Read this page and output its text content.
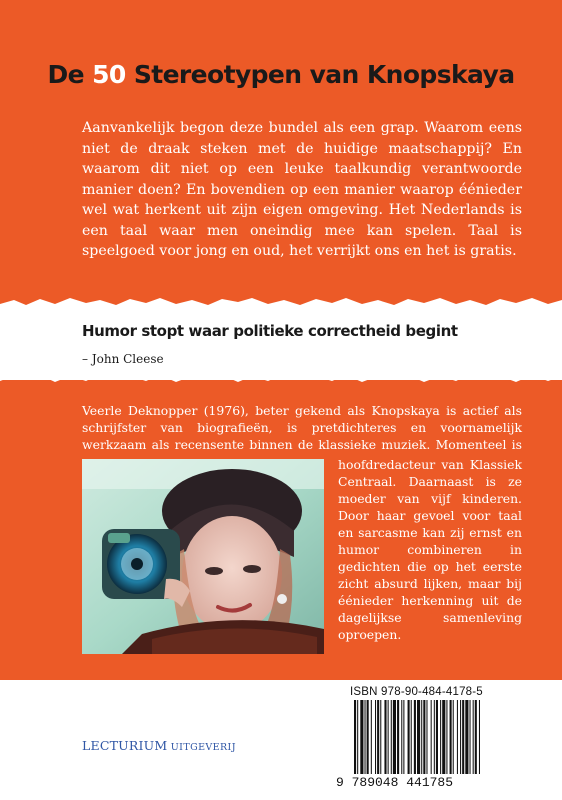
De 50 Stereotypen van Knopskaya

Aanvankelijk begon deze bundel als een grap. Waarom eens niet de draak steken met de huidige maatschappij? En waarom dit niet op een leuke taalkundig verantwoorde manier doen? En bovendien op een manier waarop éénieder wel wat herkent uit zijn eigen omgeving. Het Nederlands is een taal waar men oneindig mee kan spelen. Taal is speelgoed voor jong en oud, het verrijkt ons en het is gratis.

Humor stopt waar politieke correctheid begint
– John Cleese

Veerle Deknopper (1976), beter gekend als Knopskaya is actief als schrijfster van biografieën, is pretdichteres en voornamelijk werkzaam als recensente binnen de klassieke muziek. Momenteel is

hoofdredacteur van Klassiek Centraal. Daarnaast is ze moeder van vijf kinderen. Door haar gevoel voor taal en sarcasme kan zij ernst en humor combineren in gedichten die op het eerste zicht absurd lijken, maar bij éénieder herkenning uit de dagelijkse samenleving oproepen.

ISBN 978-90-484-4178-5
9 789048 441785
LECTURIUM UITGEVERIJ
